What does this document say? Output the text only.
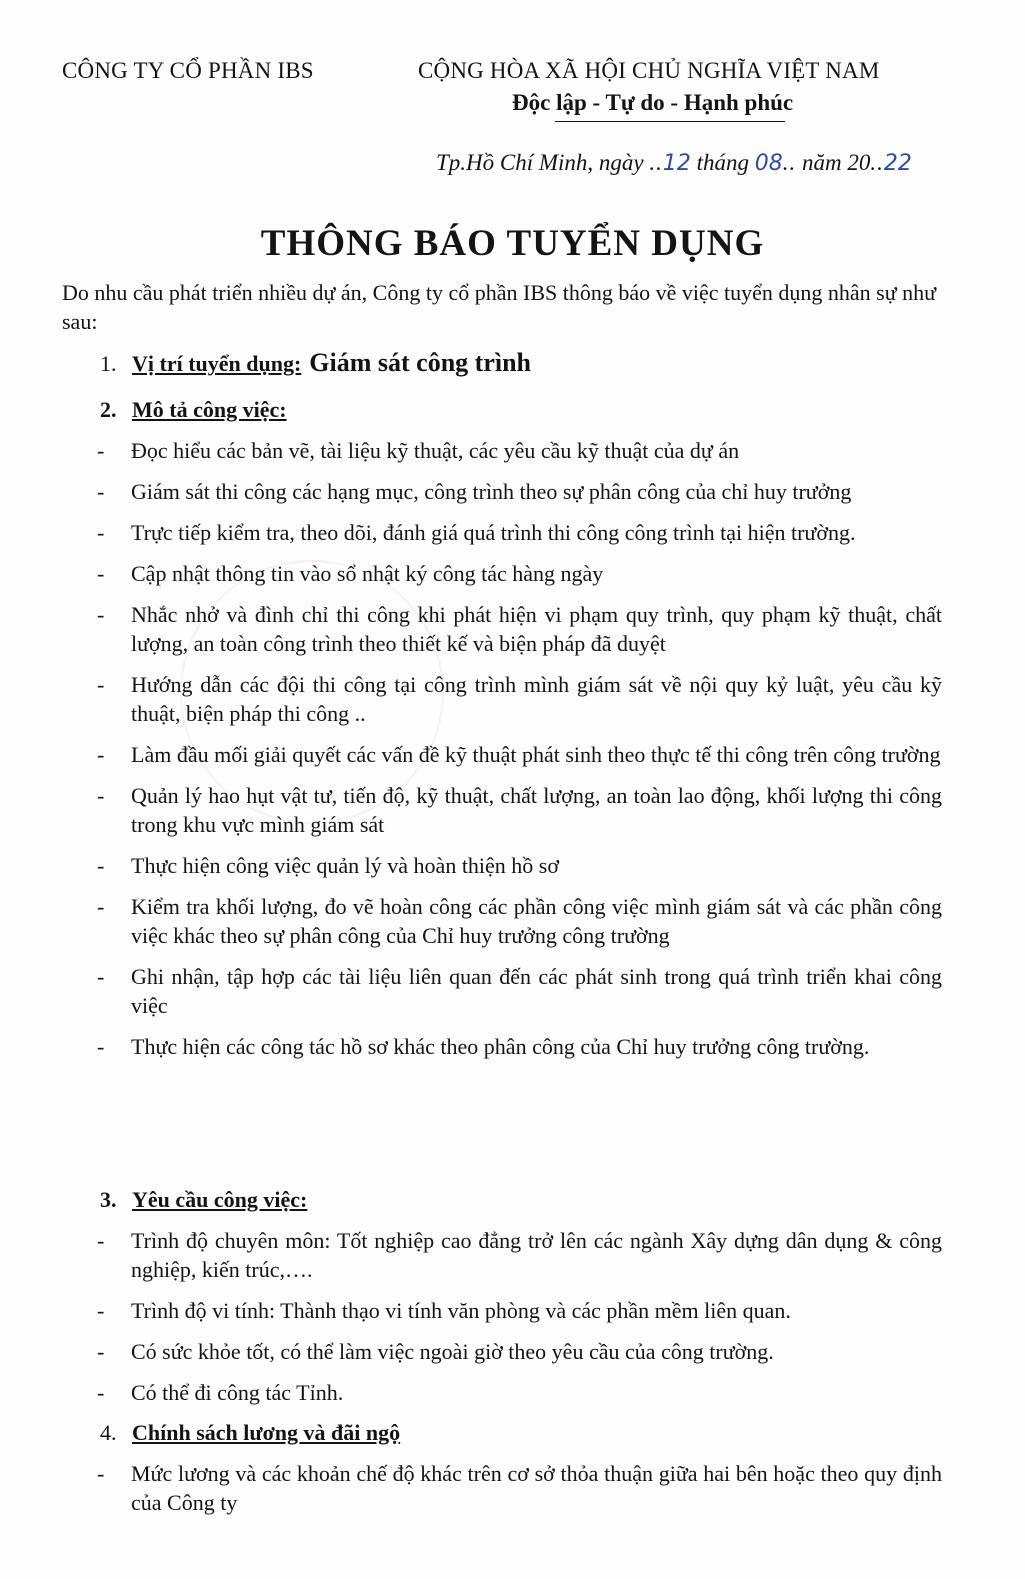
CÔNG TY CỔ PHẦN IBS	CỘNG HÒA XÃ HỘI CHỦ NGHĨA VIỆT NAM
Độc lập - Tự do - Hạnh phúc
Tp.Hồ Chí Minh, ngày ..12 tháng 08.. năm 20..22
THÔNG BÁO TUYỂN DỤNG
Do nhu cầu phát triển nhiều dự án, Công ty cổ phần IBS thông báo về việc tuyển dụng nhân sự như sau:
1. Vị trí tuyển dụng: Giám sát công trình
2. Mô tả công việc:
-	Đọc hiểu các bản vẽ, tài liệu kỹ thuật, các yêu cầu kỹ thuật của dự án
-	Giám sát thi công các hạng mục, công trình theo sự phân công của chỉ huy trưởng
-	Trực tiếp kiểm tra, theo dõi, đánh giá quá trình thi công công trình tại hiện trường.
-	Cập nhật thông tin vào sổ nhật ký công tác hàng ngày
-	Nhắc nhở và đình chỉ thi công khi phát hiện vi phạm quy trình, quy phạm kỹ thuật, chất lượng, an toàn công trình theo thiết kế và biện pháp đã duyệt
-	Hướng dẫn các đội thi công tại công trình mình giám sát về nội quy kỷ luật, yêu cầu kỹ thuật, biện pháp thi công ..
-	Làm đầu mối giải quyết các vấn đề kỹ thuật phát sinh theo thực tế thi công trên công trường
-	Quản lý hao hụt vật tư, tiến độ, kỹ thuật, chất lượng, an toàn lao động, khối lượng thi công trong khu vực mình giám sát
-	Thực hiện công việc quản lý và hoàn thiện hồ sơ
-	Kiểm tra khối lượng, đo vẽ hoàn công các phần công việc mình giám sát và các phần công việc khác theo sự phân công của Chỉ huy trưởng công trường
-	Ghi nhận, tập hợp các tài liệu liên quan đến các phát sinh trong quá trình triển khai công việc
-	Thực hiện các công tác hồ sơ khác theo phân công của Chỉ huy trưởng công trường.
3. Yêu cầu công việc:
-	Trình độ chuyên môn: Tốt nghiệp cao đẳng trở lên các ngành Xây dựng dân dụng & công nghiệp, kiến trúc,….
-	Trình độ vi tính: Thành thạo vi tính văn phòng và các phần mềm liên quan.
-	Có sức khỏe tốt, có thể làm việc ngoài giờ theo yêu cầu của công trường.
-	Có thể đi công tác Tỉnh.
4. Chính sách lương và đãi ngộ
-	Mức lương và các khoản chế độ khác trên cơ sở thỏa thuận giữa hai bên hoặc theo quy định của Công ty
